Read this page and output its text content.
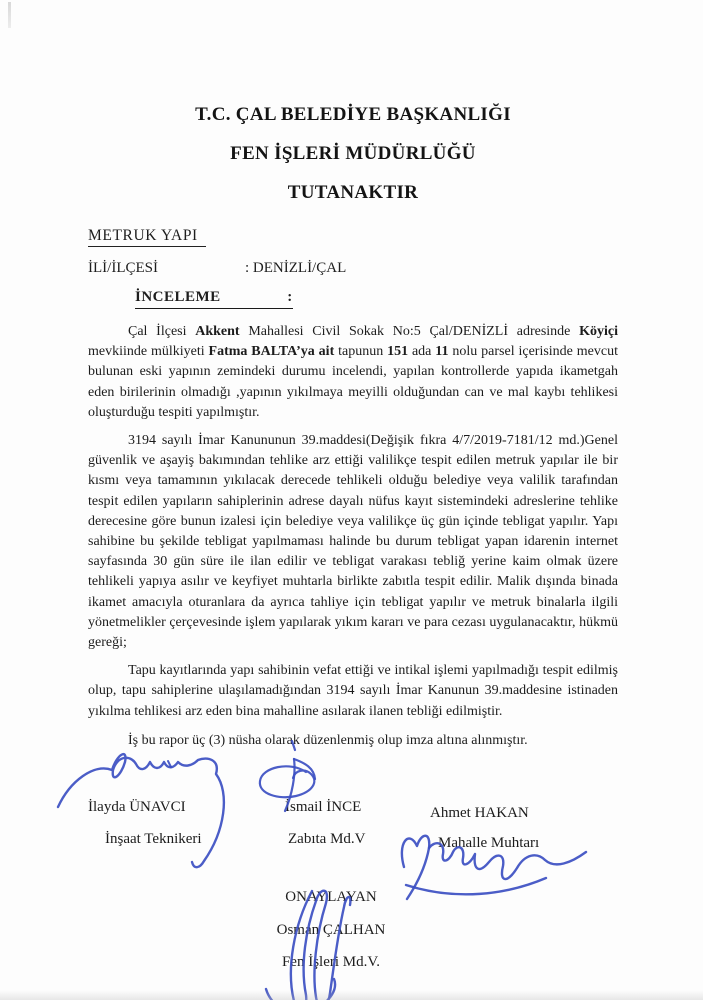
T.C. ÇAL BELEDİYE BAŞKANLIĞI
FEN İŞLERİ MÜDÜRLÜĞÜ
TUTANAKTIR
METRUK YAPI
İLİ/İLÇESİ	: DENİZLİ/ÇAL
İNCELEME	:

Çal İlçesi Akkent Mahallesi Civil Sokak No:5 Çal/DENİZLİ adresinde Köyiçi mevkiinde mülkiyeti Fatma BALTA’ya ait tapunun 151 ada 11 nolu parsel içerisinde mevcut bulunan eski yapının zemindeki durumu incelendi, yapılan kontrollerde yapıda ikametgah eden birilerinin olmadığı ,yapının yıkılmaya meyilli olduğundan can ve mal kaybı tehlikesi oluşturduğu tespiti yapılmıştır.

3194 sayılı İmar Kanununun 39.maddesi(Değişik fıkra 4/7/2019-7181/12 md.)Genel güvenlik ve aşayiş bakımından tehlike arz ettiği valilikçe tespit edilen metruk yapılar ile bir kısmı veya tamamının yıkılacak derecede tehlikeli olduğu belediye veya valilik tarafından tespit edilen yapıların sahiplerinin adrese dayalı nüfus kayıt sistemindeki adreslerine tehlike derecesine göre bunun izalesi için belediye veya valilikçe üç gün içinde tebligat yapılır. Yapı sahibine bu şekilde tebligat yapılmaması halinde bu durum tebligat yapan idarenin internet sayfasında 30 gün süre ile ilan edilir ve tebligat varakası tebliğ yerine kaim olmak üzere tehlikeli yapıya asılır ve keyfiyet muhtarla birlikte zabıtla tespit edilir. Malik dışında binada ikamet amacıyla oturanlara da ayrıca tahliye için tebligat yapılır ve metruk binalarla ilgili yönetmelikler çerçevesinde işlem yapılarak yıkım kararı ve para cezası uygulanacaktır, hükmü gereği;

Tapu kayıtlarında yapı sahibinin vefat ettiği ve intikal işlemi yapılmadığı tespit edilmiş olup, tapu sahiplerine ulaşılamadığından 3194 sayılı İmar Kanunun 39.maddesine istinaden yıkılma tehlikesi arz eden bina mahalline asılarak ilanen tebliği edilmiştir.

İş bu rapor üç (3) nüsha olarak düzenlenmiş olup imza altına alınmıştır.

İlayda ÜNAVCI
İnşaat Teknikeri
İsmail İNCE
Zabıta Md.V
Ahmet HAKAN
Mahalle Muhtarı
ONAYLAYAN
Osman ÇALHAN
Fen İşleri Md.V.
